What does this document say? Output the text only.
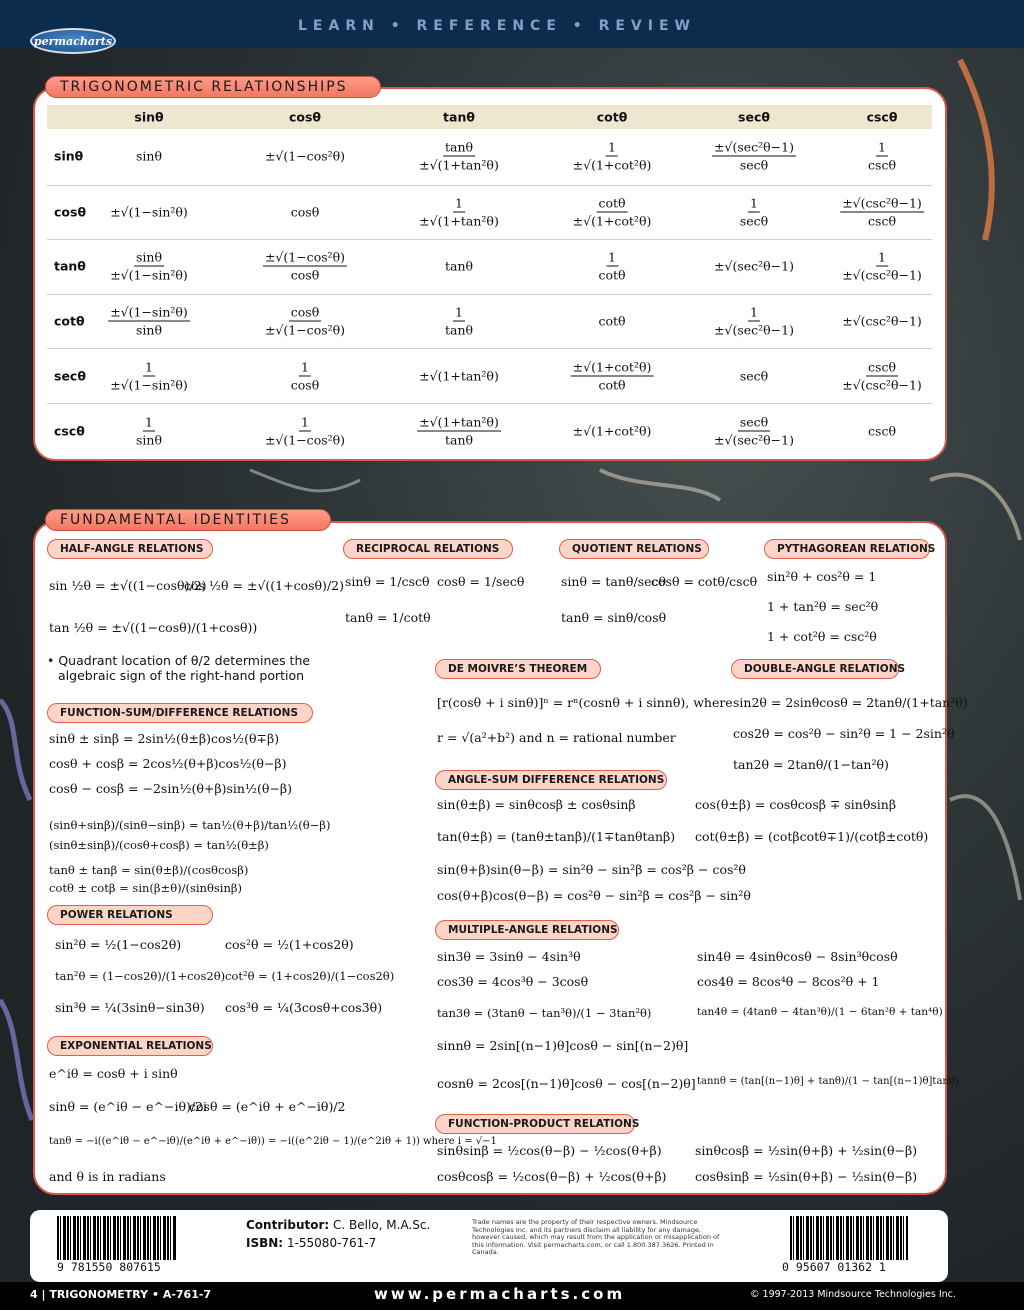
permacharts
LEARN • REFERENCE • REVIEW
TRIGONOMETRIC RELATIONSHIPS
sinθ	cosθ	tanθ	cotθ	secθ	cscθ
sinθ	sinθ	±√(1−cos²θ)	$\frac{\tan\theta}{\text{±√(1+tan²θ)}}$	$\frac{1}{\text{±√(1+cot²θ)}}$	$\frac{\text{±√(sec²θ−1)}}{\sec\theta}$	$\frac{1}{\csc\theta}$
cosθ ±√(1−sin²θ)	cosθ	$\frac{1}{\text{±√(1+tan²θ)}}$	$\frac{\cot\theta}{\text{±√(1+cot²θ)}}$	$\frac{1}{\sec\theta}$	$\frac{\text{±√(csc²θ−1)}}{\csc\theta}$
tanθ $\frac{\sin\theta}{\text{±√(1−sin²θ)}}$	$\frac{\text{±√(1−cos²θ)}}{\cos\theta}$	tanθ	$\frac{1}{\cot\theta}$	±√(sec²θ−1)	$\frac{1}{\text{±√(csc²θ−1)}}$
cotθ $\frac{\text{±√(1−sin²θ)}}{\sin\theta}$	$\frac{\cos\theta}{\text{±√(1−cos²θ)}}$	$\frac{1}{\tan\theta}$	cotθ	$\frac{1}{\text{±√(sec²θ−1)}}$	±√(csc²θ−1)
secθ $\frac{1}{\text{±√(1−sin²θ)}}$	$\frac{1}{\cos\theta}$	±√(1+tan²θ)	$\frac{\text{±√(1+cot²θ)}}{\cot\theta}$	secθ	$\frac{\csc\theta}{\text{±√(csc²θ−1)}}$
cscθ	$\frac{1}{\sin\theta}$	$\frac{1}{\text{±√(1−cos²θ)}}$	$\frac{\text{±√(1+tan²θ)}}{\tan\theta}$	±√(1+cot²θ)	$\frac{\sec\theta}{\text{±√(sec²θ−1)}}$	cscθ
FUNDAMENTAL IDENTITIES
HALF-ANGLE RELATIONS
sin ½θ = ±√((1−cosθ)/2)
cos ½θ = ±√((1+cosθ)/2)
tan ½θ = ±√((1−cosθ)/(1+cosθ))
• Quadrant location of θ/2 determines the
algebraic sign of the right-hand portion
RECIPROCAL RELATIONS
sinθ = 1/cscθ cosθ = 1/secθ
tanθ = 1/cotθ
QUOTIENT RELATIONS
sinθ = tanθ/secθ
cosθ = cotθ/cscθ
tanθ = sinθ/cosθ
PYTHAGOREAN RELATIONS
sin²θ + cos²θ = 1
1 + tan²θ = sec²θ
1 + cot²θ = csc²θ
DE MOIVRE’S THEOREM
[r(cosθ + i sinθ)]ⁿ = rⁿ(cosnθ + i sinnθ), where
r = √(a²+b²) and n = rational number
DOUBLE-ANGLE RELATIONS
sin2θ = 2sinθcosθ = 2tanθ/(1+tan²θ)
cos2θ = cos²θ − sin²θ = 1 − 2sin²θ
tan2θ = 2tanθ/(1−tan²θ)
FUNCTION-SUM/DIFFERENCE RELATIONS
sinθ ± sinβ = 2sin½(θ±β)cos½(θ∓β)
cosθ + cosβ = 2cos½(θ+β)cos½(θ−β)
cosθ − cosβ = −2sin½(θ+β)sin½(θ−β)
(sinθ+sinβ)/(sinθ−sinβ) = tan½(θ+β)/tan½(θ−β)
(sinθ±sinβ)/(cosθ+cosβ) = tan½(θ±β)
tanθ ± tanβ = sin(θ±β)/(cosθcosβ)
cotθ ± cotβ = sin(β±θ)/(sinθsinβ)
ANGLE-SUM DIFFERENCE RELATIONS
sin(θ±β) = sinθcosβ ± cosθsinβ	cos(θ±β) = cosθcosβ ∓ sinθsinβ
tan(θ±β) = (tanθ±tanβ)/(1∓tanθtanβ) cot(θ±β) = (cotβcotθ∓1)/(cotβ±cotθ)
sin(θ+β)sin(θ−β) = sin²θ − sin²β = cos²β − cos²θ
cos(θ+β)cos(θ−β) = cos²θ − sin²β = cos²β − sin²θ
POWER RELATIONS
sin²θ = ½(1−cos2θ)	cos²θ = ½(1+cos2θ)
tan²θ = (1−cos2θ)/(1+cos2θ) cot²θ = (1+cos2θ)/(1−cos2θ)
sin³θ = ¼(3sinθ−sin3θ) cos³θ = ¼(3cosθ+cos3θ)
MULTIPLE-ANGLE RELATIONS
sin3θ = 3sinθ − 4sin³θ	sin4θ = 4sinθcosθ − 8sin³θcosθ
cos3θ = 4cos³θ − 3cosθ	cos4θ = 8cos⁴θ − 8cos²θ + 1
tan3θ = (3tanθ − tan³θ)/(1 − 3tan²θ)	tan4θ = (4tanθ − 4tan³θ)/(1 − 6tan²θ + tan⁴θ)
sinnθ = 2sin[(n−1)θ]cosθ − sin[(n−2)θ]
cosnθ = 2cos[(n−1)θ]cosθ − cos[(n−2)θ] tannθ = (tan[(n−1)θ] + tanθ)/(1 − tan[(n−1)θ]tanθ)
EXPONENTIAL RELATIONS
e^iθ = cosθ + i sinθ
sinθ = (e^iθ − e^−iθ)/2i
cosθ = (e^iθ + e^−iθ)/2
tanθ = −i((e^iθ − e^−iθ)/(e^iθ + e^−iθ)) = −i((e^2iθ − 1)/(e^2iθ + 1)) where i = √−1
and θ is in radians
FUNCTION-PRODUCT RELATIONS
sinθsinβ = ½cos(θ−β) − ½cos(θ+β)	sinθcosβ = ½sin(θ+β) + ½sin(θ−β)
cosθcosβ = ½cos(θ−β) + ½cos(θ+β) cosθsinβ = ½sin(θ+β) − ½sin(θ−β)
9 781550 807615
Contributor: C. Bello, M.A.Sc.
ISBN: 1-55080-761-7
Trade names are the property of their respective owners. Mindsource Technologies Inc. and its partners disclaim all liability for any damage, however caused, which may result from the application or misapplication of this information. Visit permacharts.com, or call 1.800.387.3626. Printed in Canada.
0 95607 01362 1
4 | TRIGONOMETRY • A-761-7	www.permacharts.com	© 1997-2013 Mindsource Technologies Inc.
